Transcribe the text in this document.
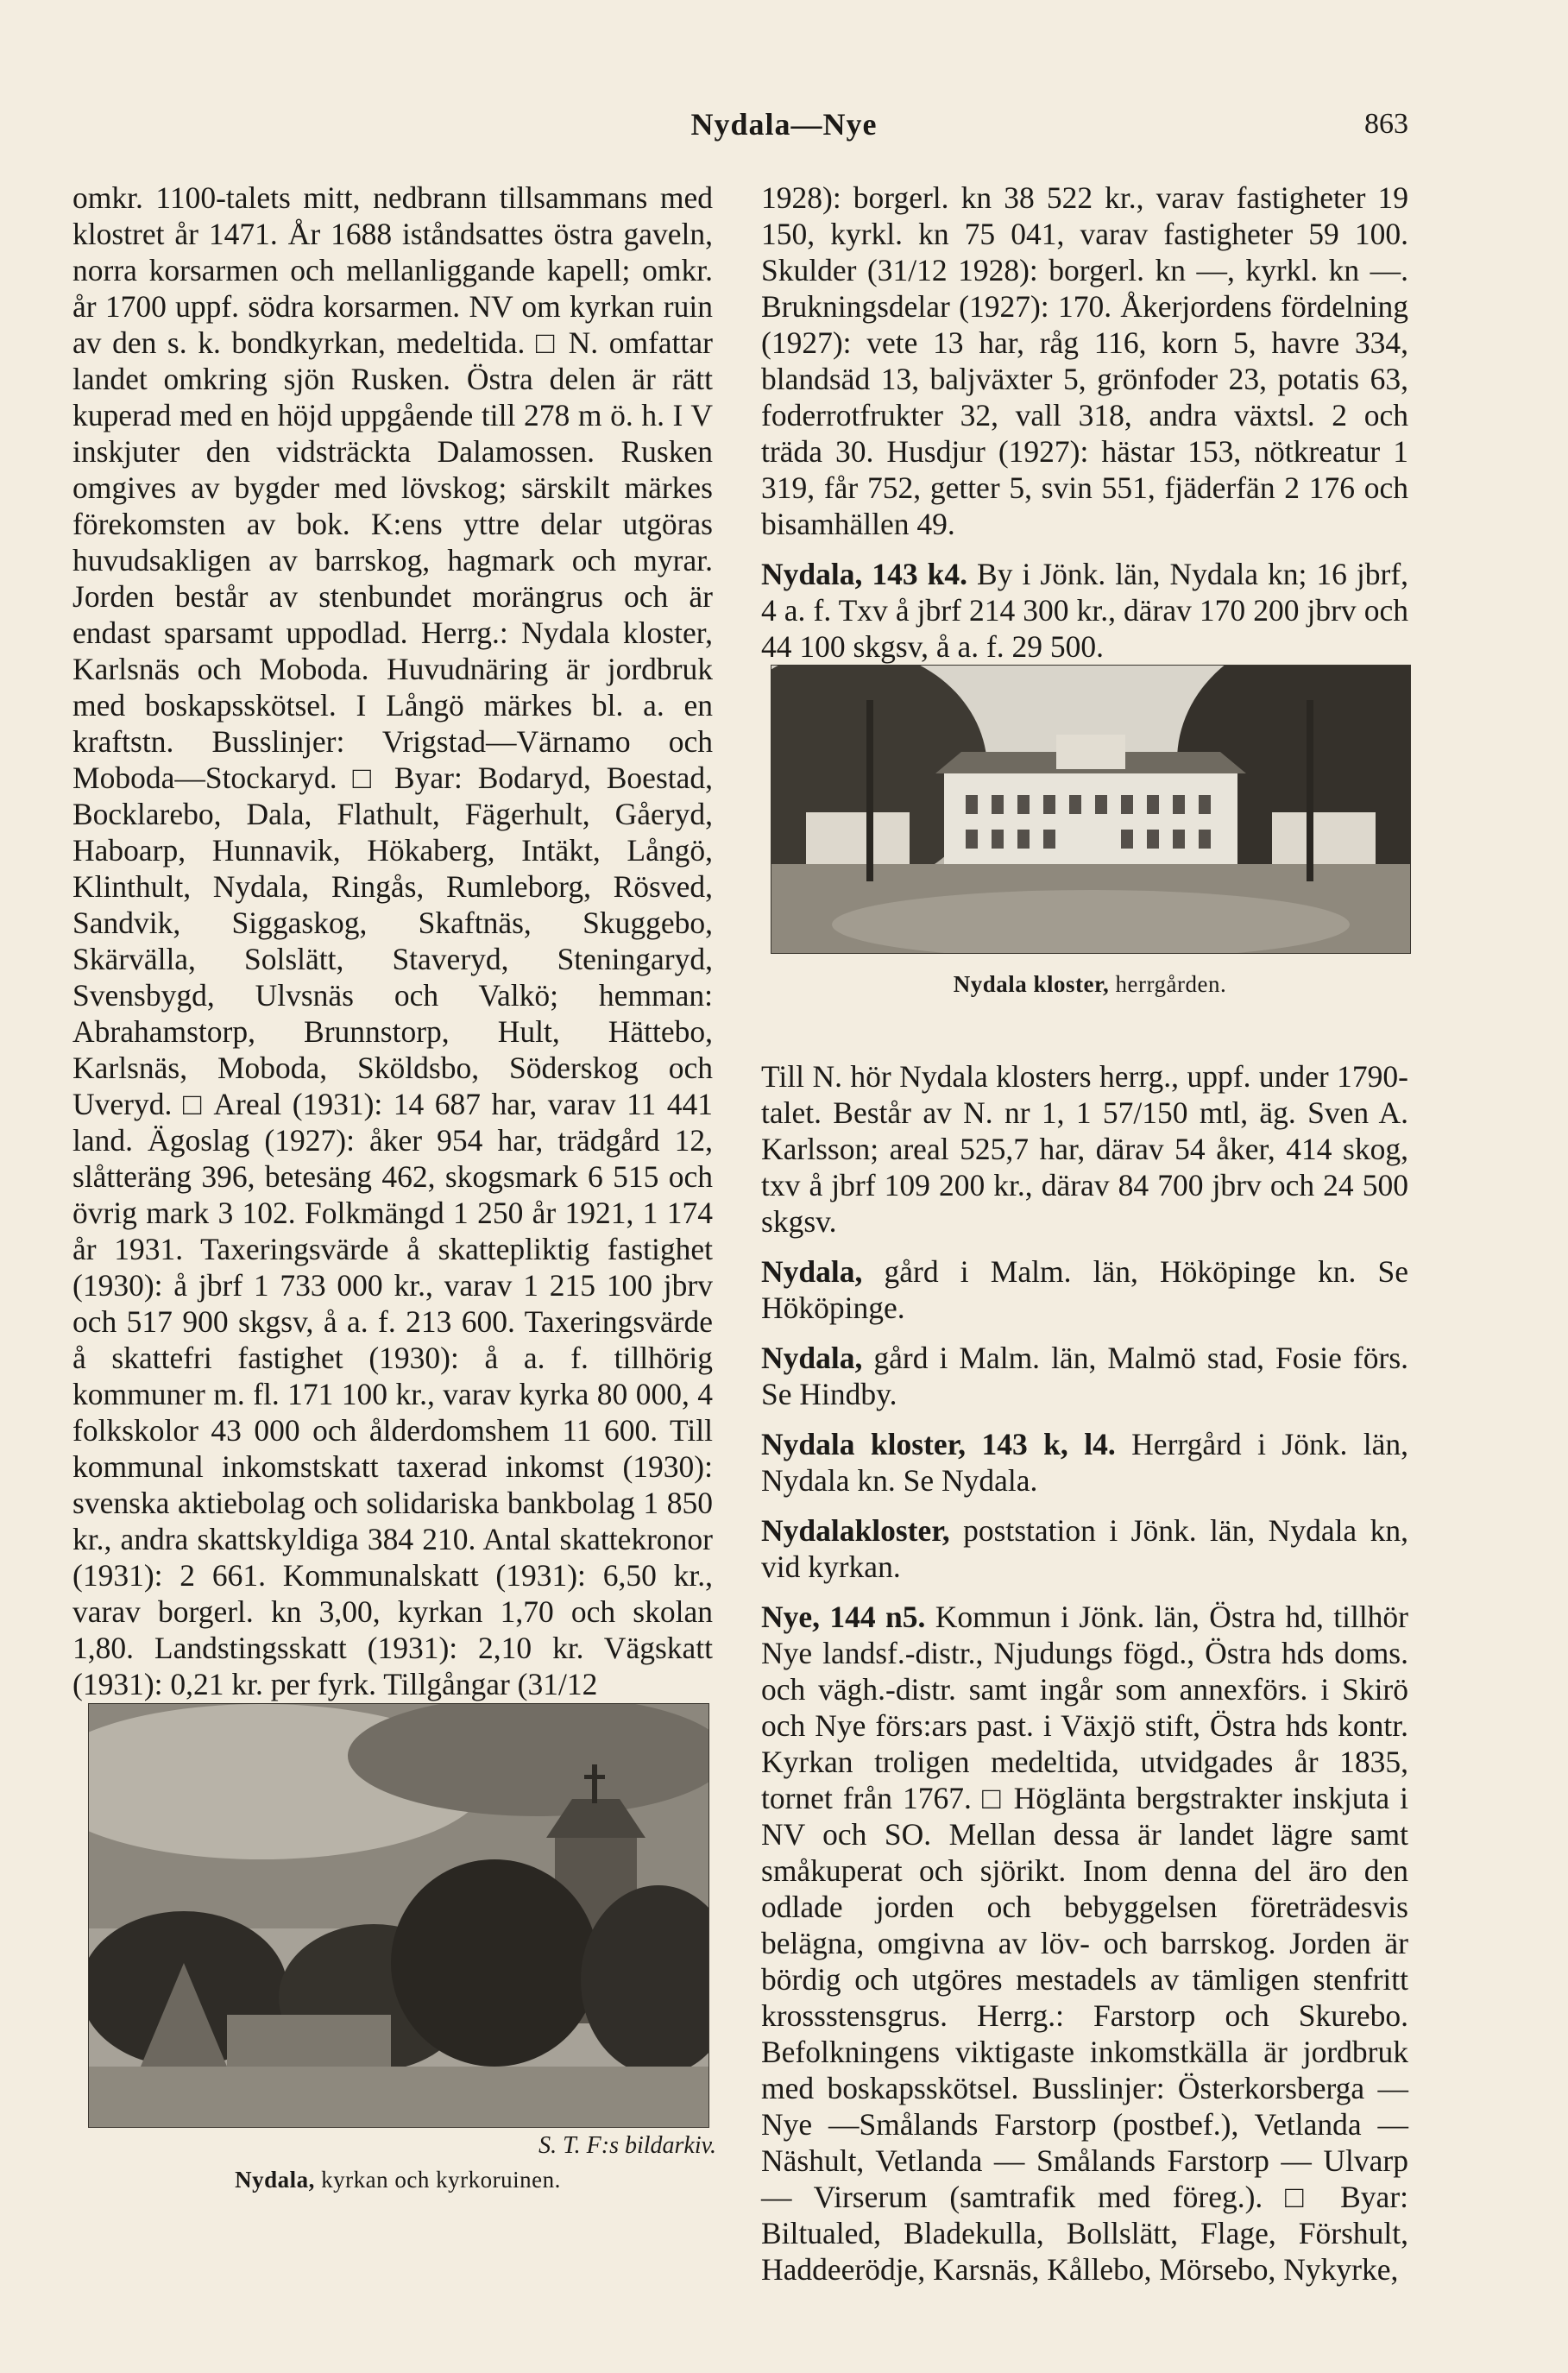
Nydala—Nye	863

omkr. 1100-talets mitt, nedbrann tillsammans med klostret år 1471. År 1688 iståndsattes östra gaveln, norra korsarmen och mellanliggande kapell; omkr. år 1700 uppf. södra korsarmen. NV om kyrkan ruin av den s. k. bondkyrkan, medeltida. □ N. omfattar landet omkring sjön Rusken. Östra delen är rätt kuperad med en höjd uppgående till 278 m ö. h. I V inskjuter den vidsträckta Dalamossen. Rusken omgives av bygder med lövskog; särskilt märkes förekomsten av bok. K:ens yttre delar utgöras huvudsakligen av barrskog, hagmark och myrar. Jorden består av stenbundet morängrus och är endast sparsamt uppodlad. Herrg.: Nydala kloster, Karlsnäs och Moboda. Huvudnäring är jordbruk med boskapsskötsel. I Långö märkes bl. a. en kraftstn. Busslinjer: Vrigstad—Värnamo och Moboda—Stockaryd. □ Byar: Bodaryd, Boestad, Bocklarebo, Dala, Flathult, Fägerhult, Gåeryd, Haboarp, Hunnavik, Hökaberg, Intäkt, Långö, Klinthult, Nydala, Ringås, Rumleborg, Rösved, Sandvik, Siggaskog, Skaftnäs, Skuggebo, Skärvälla, Solslätt, Staveryd, Steningaryd, Svensbygd, Ulvsnäs och Valkö; hemman: Abrahamstorp, Brunnstorp, Hult, Hättebo, Karlsnäs, Moboda, Sköldsbo, Söderskog och Uveryd. □ Areal (1931): 14 687 har, varav 11 441 land. Ägoslag (1927): åker 954 har, trädgård 12, slåtteräng 396, betesäng 462, skogsmark 6 515 och övrig mark 3 102. Folkmängd 1 250 år 1921, 1 174 år 1931. Taxeringsvärde å skattepliktig fastighet (1930): å jbrf 1 733 000 kr., varav 1 215 100 jbrv och 517 900 skgsv, å a. f. 213 600. Taxeringsvärde å skattefri fastighet (1930): å a. f. tillhörig kommuner m. fl. 171 100 kr., varav kyrka 80 000, 4 folkskolor 43 000 och ålderdomshem 11 600. Till kommunal inkomstskatt taxerad inkomst (1930): svenska aktiebolag och solidariska bankbolag 1 850 kr., andra skattskyldiga 384 210. Antal skattekronor (1931): 2 661. Kommunalskatt (1931): 6,50 kr., varav borgerl. kn 3,00, kyrkan 1,70 och skolan 1,80. Landstingsskatt (1931): 2,10 kr. Vägskatt (1931): 0,21 kr. per fyrk. Tillgångar (31/12

1928): borgerl. kn 38 522 kr., varav fastigheter 19 150, kyrkl. kn 75 041, varav fastigheter 59 100. Skulder (31/12 1928): borgerl. kn —, kyrkl. kn —. Brukningsdelar (1927): 170. Åkerjordens fördelning (1927): vete 13 har, råg 116, korn 5, havre 334, blandsäd 13, baljväxter 5, grönfoder 23, potatis 63, foderrotfrukter 32, vall 318, andra växtsl. 2 och träda 30. Husdjur (1927): hästar 153, nötkreatur 1 319, får 752, getter 5, svin 551, fjäderfän 2 176 och bisamhällen 49.

Nydala, 143 k4. By i Jönk. län, Nydala kn; 16 jbrf, 4 a. f. Txv å jbrf 214 300 kr., därav 170 200 jbrv och 44 100 skgsv, å a. f. 29 500.

Till N. hör Nydala klosters herrg., uppf. under 1790-talet. Består av N. nr 1, 1 57/150 mtl, äg. Sven A. Karlsson; areal 525,7 har, därav 54 åker, 414 skog, txv å jbrf 109 200 kr., därav 84 700 jbrv och 24 500 skgsv.

Nydala, gård i Malm. län, Hököpinge kn. Se Hököpinge.

Nydala, gård i Malm. län, Malmö stad, Fosie förs. Se Hindby.

Nydala kloster, 143 k, l4. Herrgård i Jönk. län, Nydala kn. Se Nydala.

Nydalakloster, poststation i Jönk. län, Nydala kn, vid kyrkan.

Nye, 144 n5. Kommun i Jönk. län, Östra hd, tillhör Nye landsf.-distr., Njudungs fögd., Östra hds doms. och vägh.-distr. samt ingår som annexförs. i Skirö och Nye förs:ars past. i Växjö stift, Östra hds kontr. Kyrkan troligen medeltida, utvidgades år 1835, tornet från 1767. □ Höglänta bergstrakter inskjuta i NV och SO. Mellan dessa är landet lägre samt småkuperat och sjörikt. Inom denna del äro den odlade jorden och bebyggelsen företrädesvis belägna, omgivna av löv- och barrskog. Jorden är bördig och utgöres mestadels av tämligen stenfritt krossstensgrus. Herrg.: Farstorp och Skurebo. Befolkningens viktigaste inkomstkälla är jordbruk med boskapsskötsel. Busslinjer: Österkorsberga — Nye —Smålands Farstorp (postbef.), Vetlanda — Näshult, Vetlanda — Smålands Farstorp — Ulvarp — Virserum (samtrafik med föreg.). □ Byar: Biltualed, Bladekulla, Bollslätt, Flage, Förshult, Haddeerödje, Karsnäs, Kållebo, Mörsebo, Nykyrke,

Nydala kloster, herrgården.
S. T. F:s bildarkiv.
Nydala, kyrkan och kyrkoruinen.
